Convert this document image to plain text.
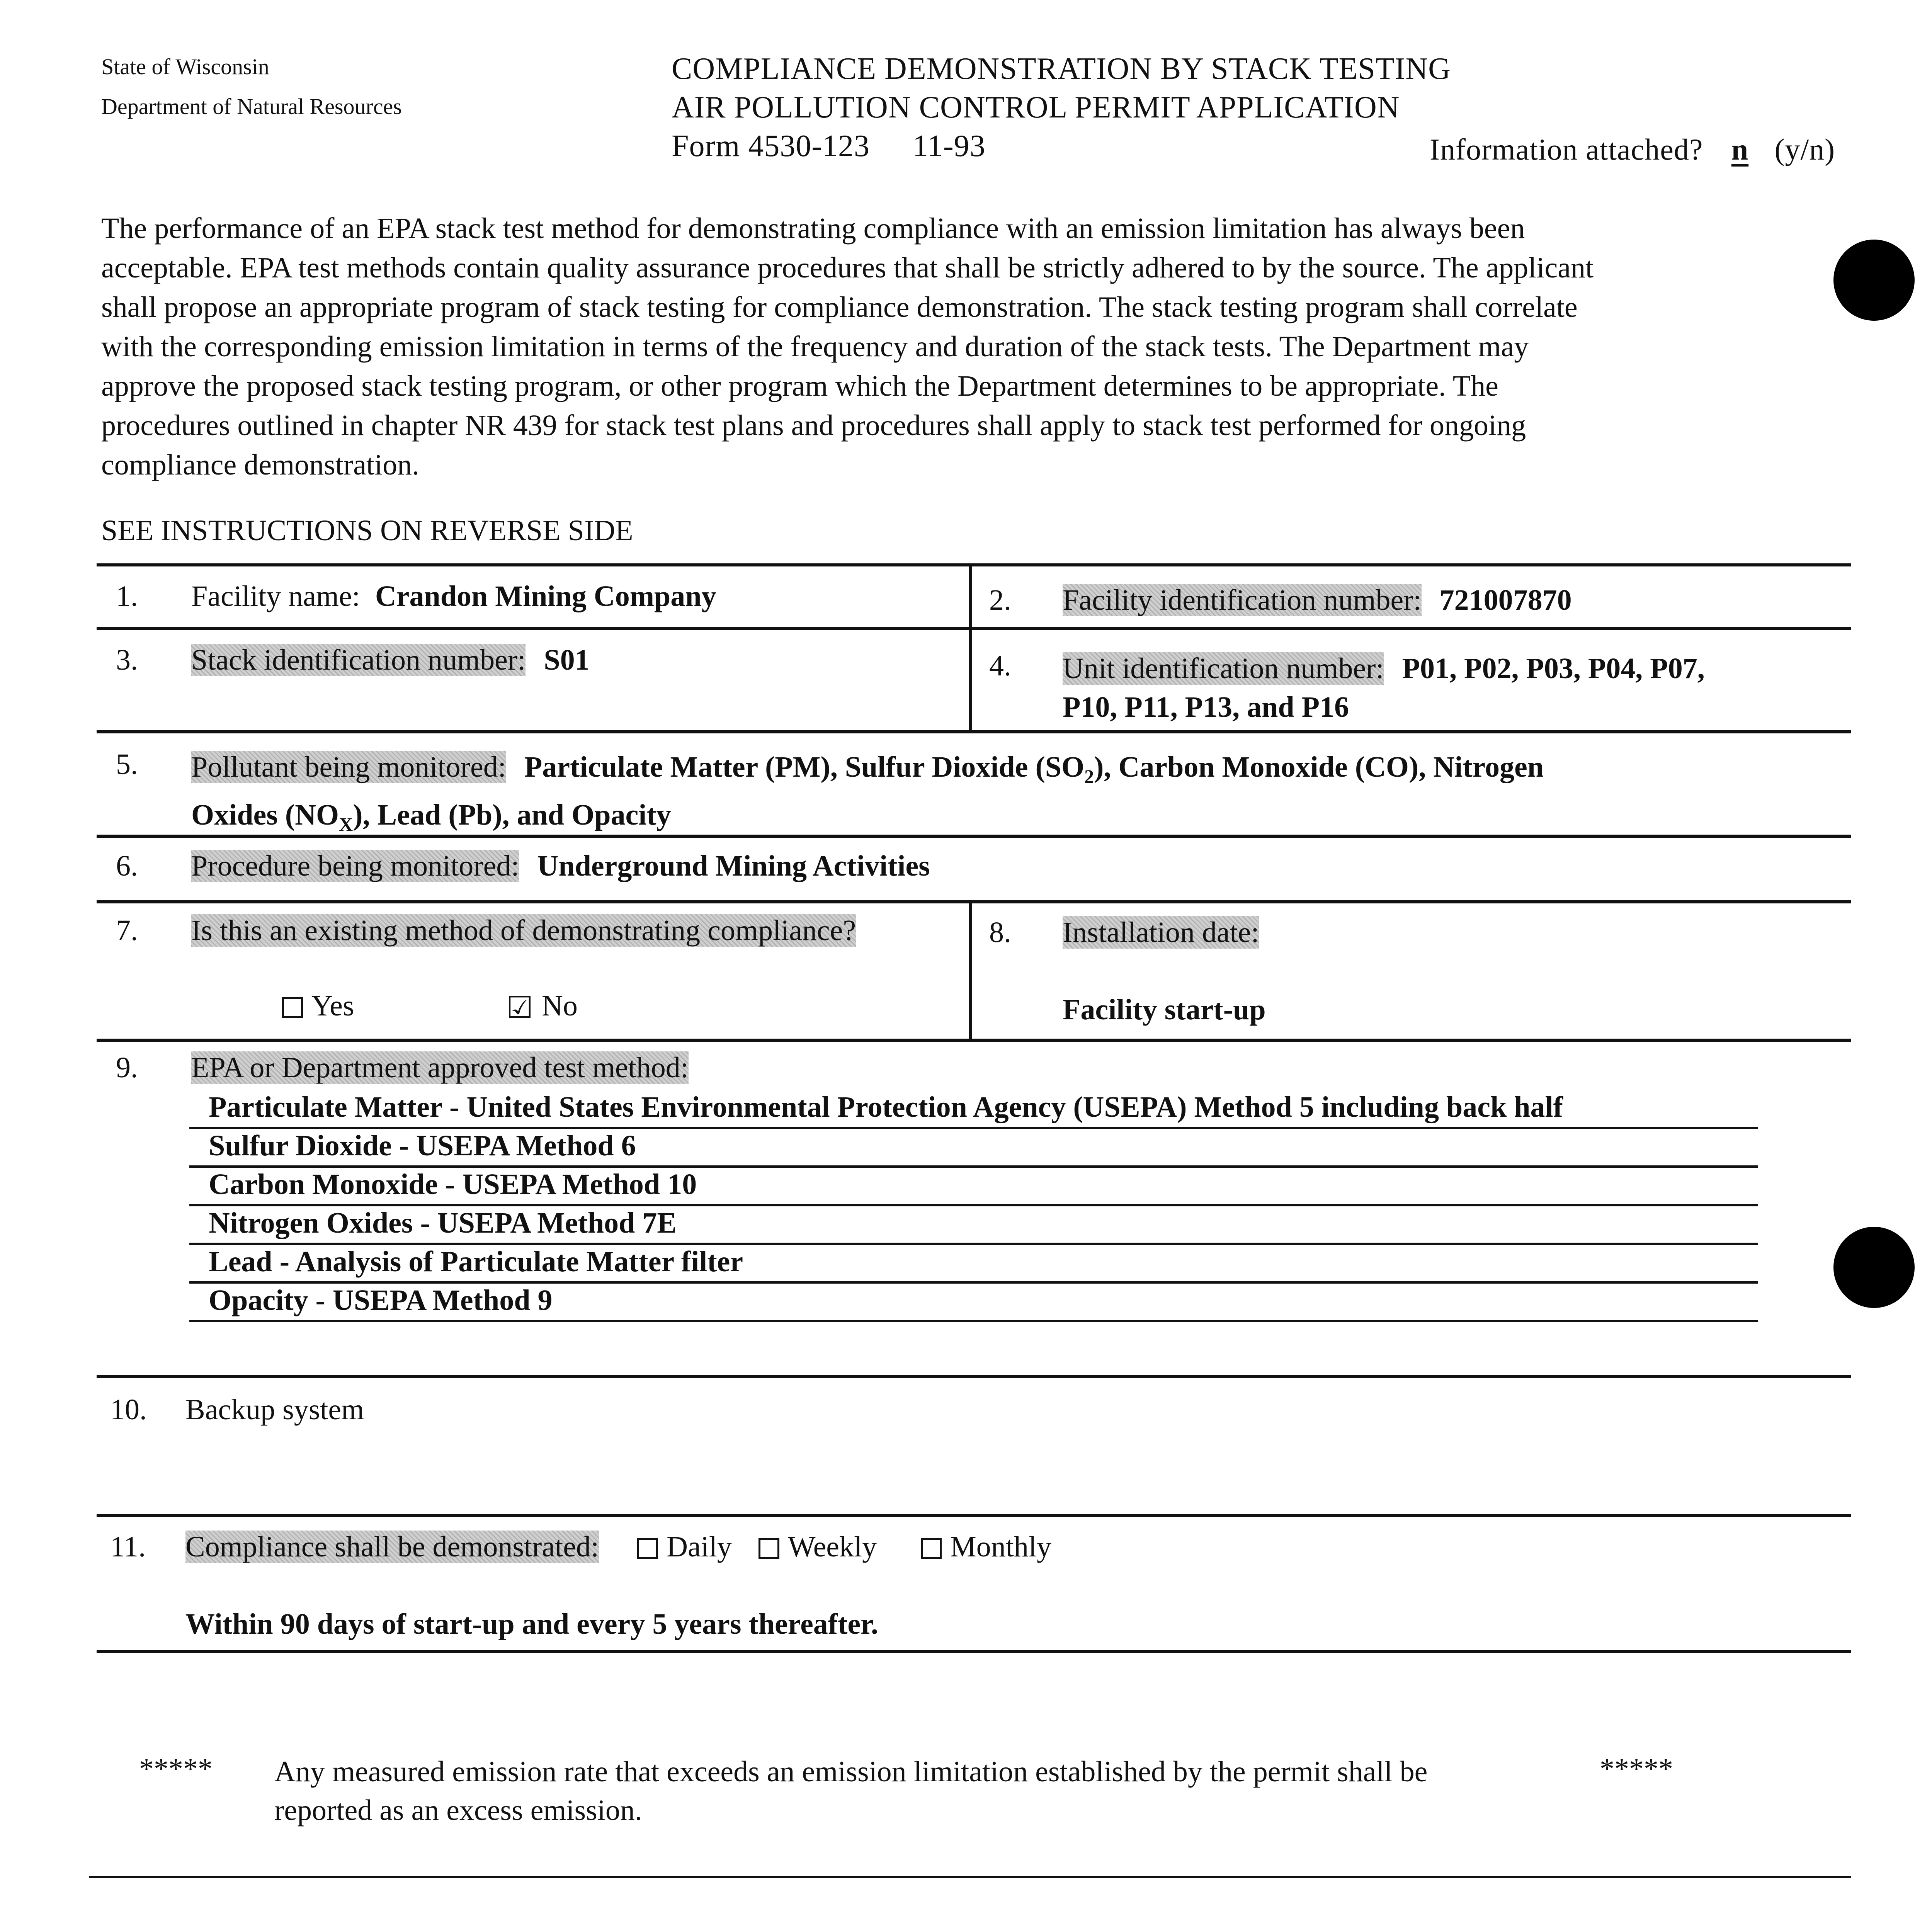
State of Wisconsin
Department of Natural Resources
COMPLIANCE DEMONSTRATION BY STACK TESTING
AIR POLLUTION CONTROL PERMIT APPLICATION
Form 4530-123 11-93	Information attached? n (y/n)
The performance of an EPA stack test method for demonstrating compliance with an emission limitation has always been
acceptable. EPA test methods contain quality assurance procedures that shall be strictly adhered to by the source. The applicant
shall propose an appropriate program of stack testing for compliance demonstration. The stack testing program shall correlate
with the corresponding emission limitation in terms of the frequency and duration of the stack tests. The Department may
approve the proposed stack testing program, or other program which the Department determines to be appropriate. The
procedures outlined in chapter NR 439 for stack test plans and procedures shall apply to stack test performed for ongoing
compliance demonstration.
SEE INSTRUCTIONS ON REVERSE SIDE
1. Facility name: Crandon Mining Company	2. Facility identification number: 721007870
3. Stack identification number: S01	4. Unit identification number: P01, P02, P03, P04, P07,
P10, P11, P13, and P16
5. Pollutant being monitored: Particulate Matter (PM), Sulfur Dioxide $(SO_2)$, Carbon Monoxide (CO), Nitrogen
Oxides $(NO_X)$, Lead (Pb), and Opacity
6. Procedure being monitored: Underground Mining Activities
7. Is this an existing method of demonstrating compliance?
Yes	☑ No
8. Installation date:
Facility start-up
9. EPA or Department approved test method:
Particulate Matter - United States Environmental Protection Agency (USEPA) Method 5 including back half
Sulfur Dioxide - USEPA Method 6
Carbon Monoxide - USEPA Method 10
Nitrogen Oxides - USEPA Method 7E
Lead - Analysis of Particulate Matter filter
Opacity - USEPA Method 9
10. Backup system
11. Compliance shall be demonstrated: Daily Weekly	Monthly
Within 90 days of start-up and every 5 years thereafter.
*****	*****
Any measured emission rate that exceeds an emission limitation established by the permit shall be
reported as an excess emission.
